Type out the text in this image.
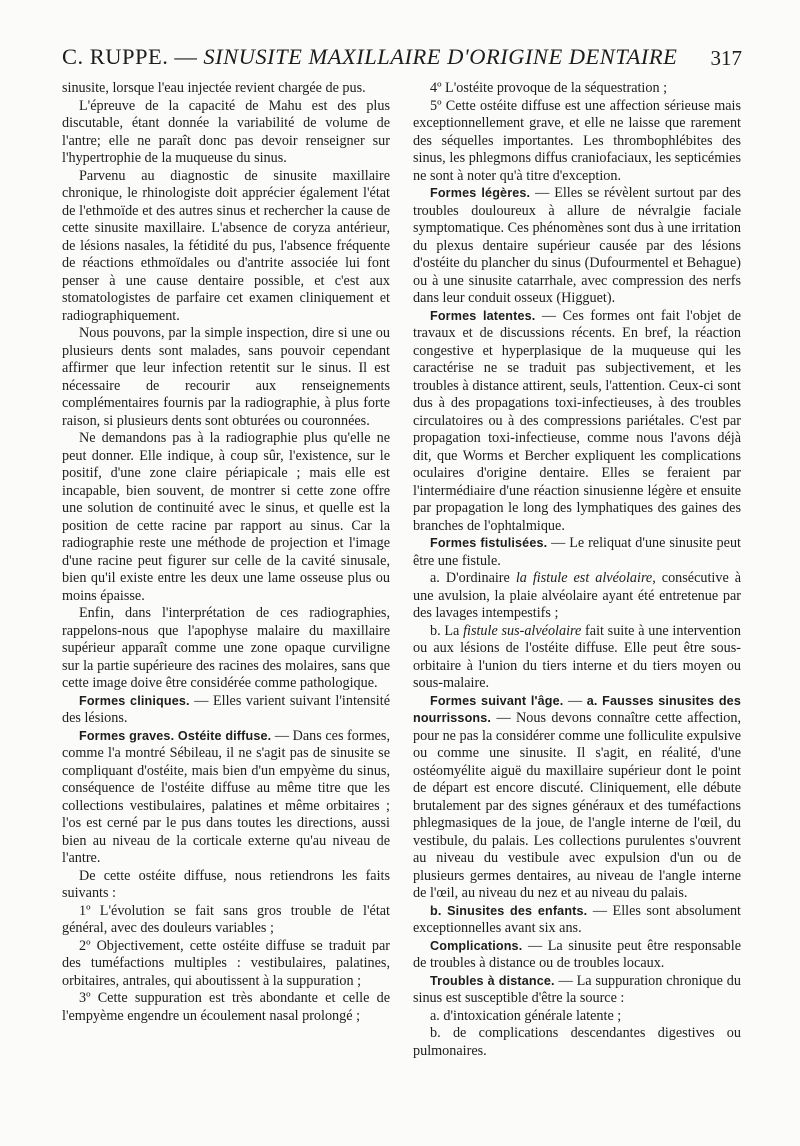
C. RUPPE. — SINUSITE MAXILLAIRE D'ORIGINE DENTAIRE 317

sinusite, lorsque l'eau injectée revient chargée de pus.

L'épreuve de la capacité de Mahu est des plus discutable, étant donnée la variabilité de volume de l'antre; elle ne paraît donc pas devoir renseigner sur l'hypertrophie de la muqueuse du sinus.

Parvenu au diagnostic de sinusite maxillaire chronique, le rhinologiste doit apprécier également l'état de l'ethmoïde et des autres sinus et rechercher la cause de cette sinusite maxillaire. L'absence de coryza antérieur, de lésions nasales, la fétidité du pus, l'absence fréquente de réactions ethmoïdales ou d'antrite associée lui font penser à une cause dentaire possible, et c'est aux stomatologistes de parfaire cet examen cliniquement et radiographiquement.

Nous pouvons, par la simple inspection, dire si une ou plusieurs dents sont malades, sans pouvoir cependant affirmer que leur infection retentit sur le sinus. Il est nécessaire de recourir aux renseignements complémentaires fournis par la radiographie, à plus forte raison, si plusieurs dents sont obturées ou couronnées.

Ne demandons pas à la radiographie plus qu'elle ne peut donner. Elle indique, à coup sûr, l'existence, sur le positif, d'une zone claire périapicale ; mais elle est incapable, bien souvent, de montrer si cette zone offre une solution de continuité avec le sinus, et quelle est la position de cette racine par rapport au sinus. Car la radiographie reste une méthode de projection et l'image d'une racine peut figurer sur celle de la cavité sinusale, bien qu'il existe entre les deux une lame osseuse plus ou moins épaisse.

Enfin, dans l'interprétation de ces radiographies, rappelons-nous que l'apophyse malaire du maxillaire supérieur apparaît comme une zone opaque curviligne sur la partie supérieure des racines des molaires, sans que cette image doive être considérée comme pathologique.

Formes cliniques. — Elles varient suivant l'intensité des lésions.

Formes graves. Ostéite diffuse. — Dans ces formes, comme l'a montré Sébileau, il ne s'agit pas de sinusite se compliquant d'ostéite, mais bien d'un empyème du sinus, conséquence de l'ostéite diffuse au même titre que les collections vestibulaires, palatines et même orbitaires ; l'os est cerné par le pus dans toutes les directions, aussi bien au niveau de la corticale externe qu'au niveau de l'antre.

De cette ostéite diffuse, nous retiendrons les faits suivants :

1º L'évolution se fait sans gros trouble de l'état général, avec des douleurs variables ;

2º Objectivement, cette ostéite diffuse se traduit par des tuméfactions multiples : vestibulaires, palatines, orbitaires, antrales, qui aboutissent à la suppuration ;

3º Cette suppuration est très abondante et celle de l'empyème engendre un écoulement nasal prolongé ;

4º L'ostéite provoque de la séquestration ;

5º Cette ostéite diffuse est une affection sérieuse mais exceptionnellement grave, et elle ne laisse que rarement des séquelles importantes. Les thrombophlébites des sinus, les phlegmons diffus craniofaciaux, les septicémies ne sont à noter qu'à titre d'exception.

Formes légères. — Elles se révèlent surtout par des troubles douloureux à allure de névralgie faciale symptomatique. Ces phénomènes sont dus à une irritation du plexus dentaire supérieur causée par des lésions d'ostéite du plancher du sinus (Dufourmentel et Behague) ou à une sinusite catarrhale, avec compression des nerfs dans leur conduit osseux (Higguet).

Formes latentes. — Ces formes ont fait l'objet de travaux et de discussions récents. En bref, la réaction congestive et hyperplasique de la muqueuse qui les caractérise ne se traduit pas subjectivement, et les troubles à distance attirent, seuls, l'attention. Ceux-ci sont dus à des propagations toxi-infectieuses, à des troubles circulatoires ou à des compressions pariétales. C'est par propagation toxi-infectieuse, comme nous l'avons déjà dit, que Worms et Bercher expliquent les complications oculaires d'origine dentaire. Elles se feraient par l'intermédiaire d'une réaction sinusienne légère et ensuite par propagation le long des lymphatiques des gaines des branches de l'ophtalmique.

Formes fistulisées. — Le reliquat d'une sinusite peut être une fistule.

a. D'ordinaire la fistule est alvéolaire, consécutive à une avulsion, la plaie alvéolaire ayant été entretenue par des lavages intempestifs ;

b. La fistule sus-alvéolaire fait suite à une intervention ou aux lésions de l'ostéite diffuse. Elle peut être sous-orbitaire à l'union du tiers interne et du tiers moyen ou sous-malaire.

Formes suivant l'âge. — a. Fausses sinusites des nourrissons. — Nous devons connaître cette affection, pour ne pas la considérer comme une folliculite expulsive ou comme une sinusite. Il s'agit, en réalité, d'une ostéomyélite aiguë du maxillaire supérieur dont le point de départ est encore discuté. Cliniquement, elle débute brutalement par des signes généraux et des tuméfactions phlegmasiques de la joue, de l'angle interne de l'œil, du vestibule, du palais. Les collections purulentes s'ouvrent au niveau du vestibule avec expulsion d'un ou de plusieurs germes dentaires, au niveau de l'angle interne de l'œil, au niveau du nez et au niveau du palais.

b. Sinusites des enfants. — Elles sont absolument exceptionnelles avant six ans.

Complications. — La sinusite peut être responsable de troubles à distance ou de troubles locaux.

Troubles à distance. — La suppuration chronique du sinus est susceptible d'être la source :

a. d'intoxication générale latente ;

b. de complications descendantes digestives ou pulmonaires.
